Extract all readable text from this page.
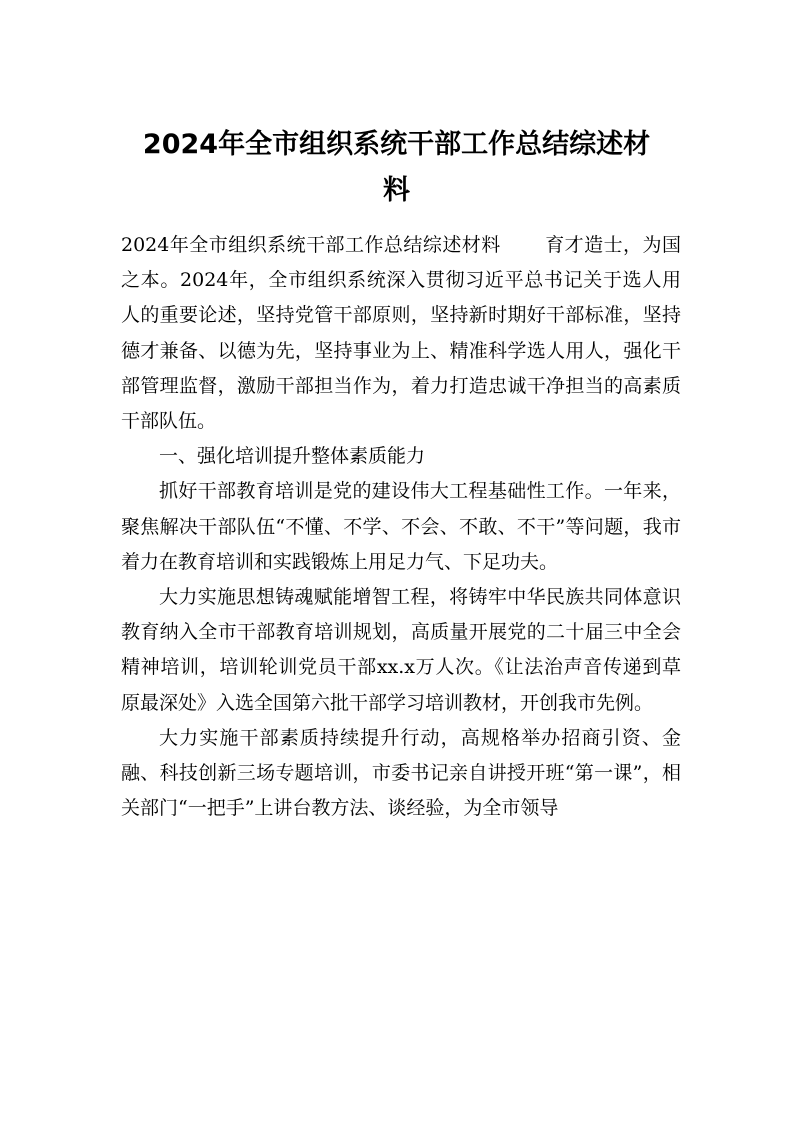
2024年全市组织系统干部工作总结综述材
料

2024年全市组织系统干部工作总结综述材料 育才造士，为国之本。2024年，全市组织系统深入贯彻习近平总书记关于选人用人的重要论述，坚持党管干部原则，坚持新时期好干部标准，坚持德才兼备、以德为先，坚持事业为上、精准科学选人用人，强化干部管理监督，激励干部担当作为，着力打造忠诚干净担当的高素质干部队伍。

一、强化培训提升整体素质能力

抓好干部教育培训是党的建设伟大工程基础性工作。一年来，聚焦解决干部队伍“不懂、不学、不会、不敢、不干”等问题，我市着力在教育培训和实践锻炼上用足力气、下足功夫。

大力实施思想铸魂赋能增智工程，将铸牢中华民族共同体意识教育纳入全市干部教育培训规划，高质量开展党的二十届三中全会精神培训，培训轮训党员干部xx.x万人次。《让法治声音传递到草原最深处》入选全国第六批干部学习培训教材，开创我市先例。

大力实施干部素质持续提升行动，高规格举办招商引资、金融、科技创新三场专题培训，市委书记亲自讲授开班“第一课”，相关部门“一把手”上讲台教方法、谈经验，为全市领导
